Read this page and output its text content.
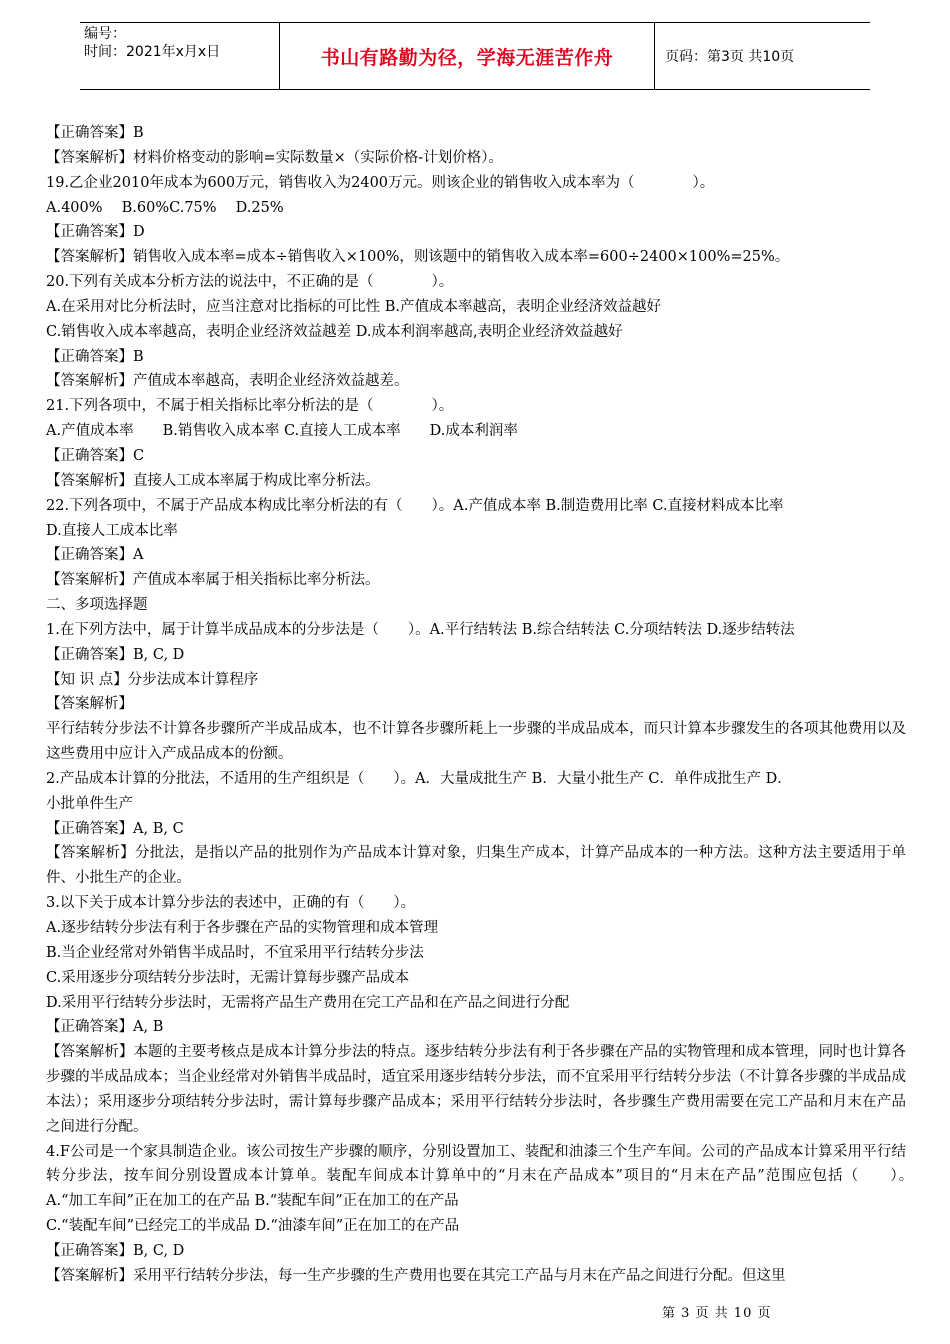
编号：
时间：2021年x月x日	书山有路勤为径，学海无涯苦作舟	页码：第3页 共10页
【正确答案】B
【答案解析】材料价格变动的影响=实际数量×（实际价格-计划价格）。
19.乙企业2010年成本为600万元，销售收入为2400万元。则该企业的销售收入成本率为（　　　　）。
A.400%　 B.60%C.75%　 D.25%
【正确答案】D
【答案解析】销售收入成本率=成本÷销售收入×100%，则该题中的销售收入成本率=600÷2400×100%=25%。
20.下列有关成本分析方法的说法中，不正确的是（　　　　）。
A.在采用对比分析法时，应当注意对比指标的可比性 B.产值成本率越高，表明企业经济效益越好
C.销售收入成本率越高，表明企业经济效益越差 D.成本利润率越高,表明企业经济效益越好
【正确答案】B
【答案解析】产值成本率越高，表明企业经济效益越差。
21.下列各项中，不属于相关指标比率分析法的是（　　　　）。
A.产值成本率　　B.销售收入成本率 C.直接人工成本率　　D.成本利润率
【正确答案】C
【答案解析】直接人工成本率属于构成比率分析法。
22.下列各项中，不属于产品成本构成比率分析法的有（　　）。A.产值成本率 B.制造费用比率 C.直接材料成本比率
D.直接人工成本比率
【正确答案】A
【答案解析】产值成本率属于相关指标比率分析法。
二、多项选择题
1.在下列方法中，属于计算半成品成本的分步法是（　　）。A.平行结转法 B.综合结转法 C.分项结转法 D.逐步结转法
【正确答案】B, C, D
【知 识 点】分步法成本计算程序
【答案解析】
平行结转分步法不计算各步骤所产半成品成本，也不计算各步骤所耗上一步骤的半成品成本，而只计算本步骤发生的各项其他费用以及这些费用中应计入产成品成本的份额。
2.产品成本计算的分批法，不适用的生产组织是（　　）。A．大量成批生产 B．大量小批生产 C．单件成批生产 D．
小批单件生产
【正确答案】A, B, C
【答案解析】分批法，是指以产品的批别作为产品成本计算对象，归集生产成本，计算产品成本的一种方法。这种方法主要适用于单件、小批生产的企业。
3.以下关于成本计算分步法的表述中，正确的有（　　）。
A.逐步结转分步法有利于各步骤在产品的实物管理和成本管理
B.当企业经常对外销售半成品时，不宜采用平行结转分步法
C.采用逐步分项结转分步法时，无需计算每步骤产品成本
D.采用平行结转分步法时，无需将产品生产费用在完工产品和在产品之间进行分配
【正确答案】A, B
【答案解析】本题的主要考核点是成本计算分步法的特点。逐步结转分步法有利于各步骤在产品的实物管理和成本管理，同时也计算各步骤的半成品成本；当企业经常对外销售半成品时，适宜采用逐步结转分步法，而不宜采用平行结转分步法（不计算各步骤的半成品成本法）；采用逐步分项结转分步法时，需计算每步骤产品成本；采用平行结转分步法时，各步骤生产费用需要在完工产品和月末在产品之间进行分配。
4.F公司是一个家具制造企业。该公司按生产步骤的顺序，分别设置加工、装配和油漆三个生产车间。公司的产品成本计算采用平行结转分步法，按车间分别设置成本计算单。装配车间成本计算单中的“月末在产品成本”项目的“月末在产品”范围应包括（　　）。　　A.“加工车间”正在加工的在产品 B.“装配车间”正在加工的在产品
C.“装配车间”已经完工的半成品 D.“油漆车间”正在加工的在产品
【正确答案】B, C, D
【答案解析】采用平行结转分步法，每一生产步骤的生产费用也要在其完工产品与月末在产品之间进行分配。但这里
第 3 页 共 10 页
